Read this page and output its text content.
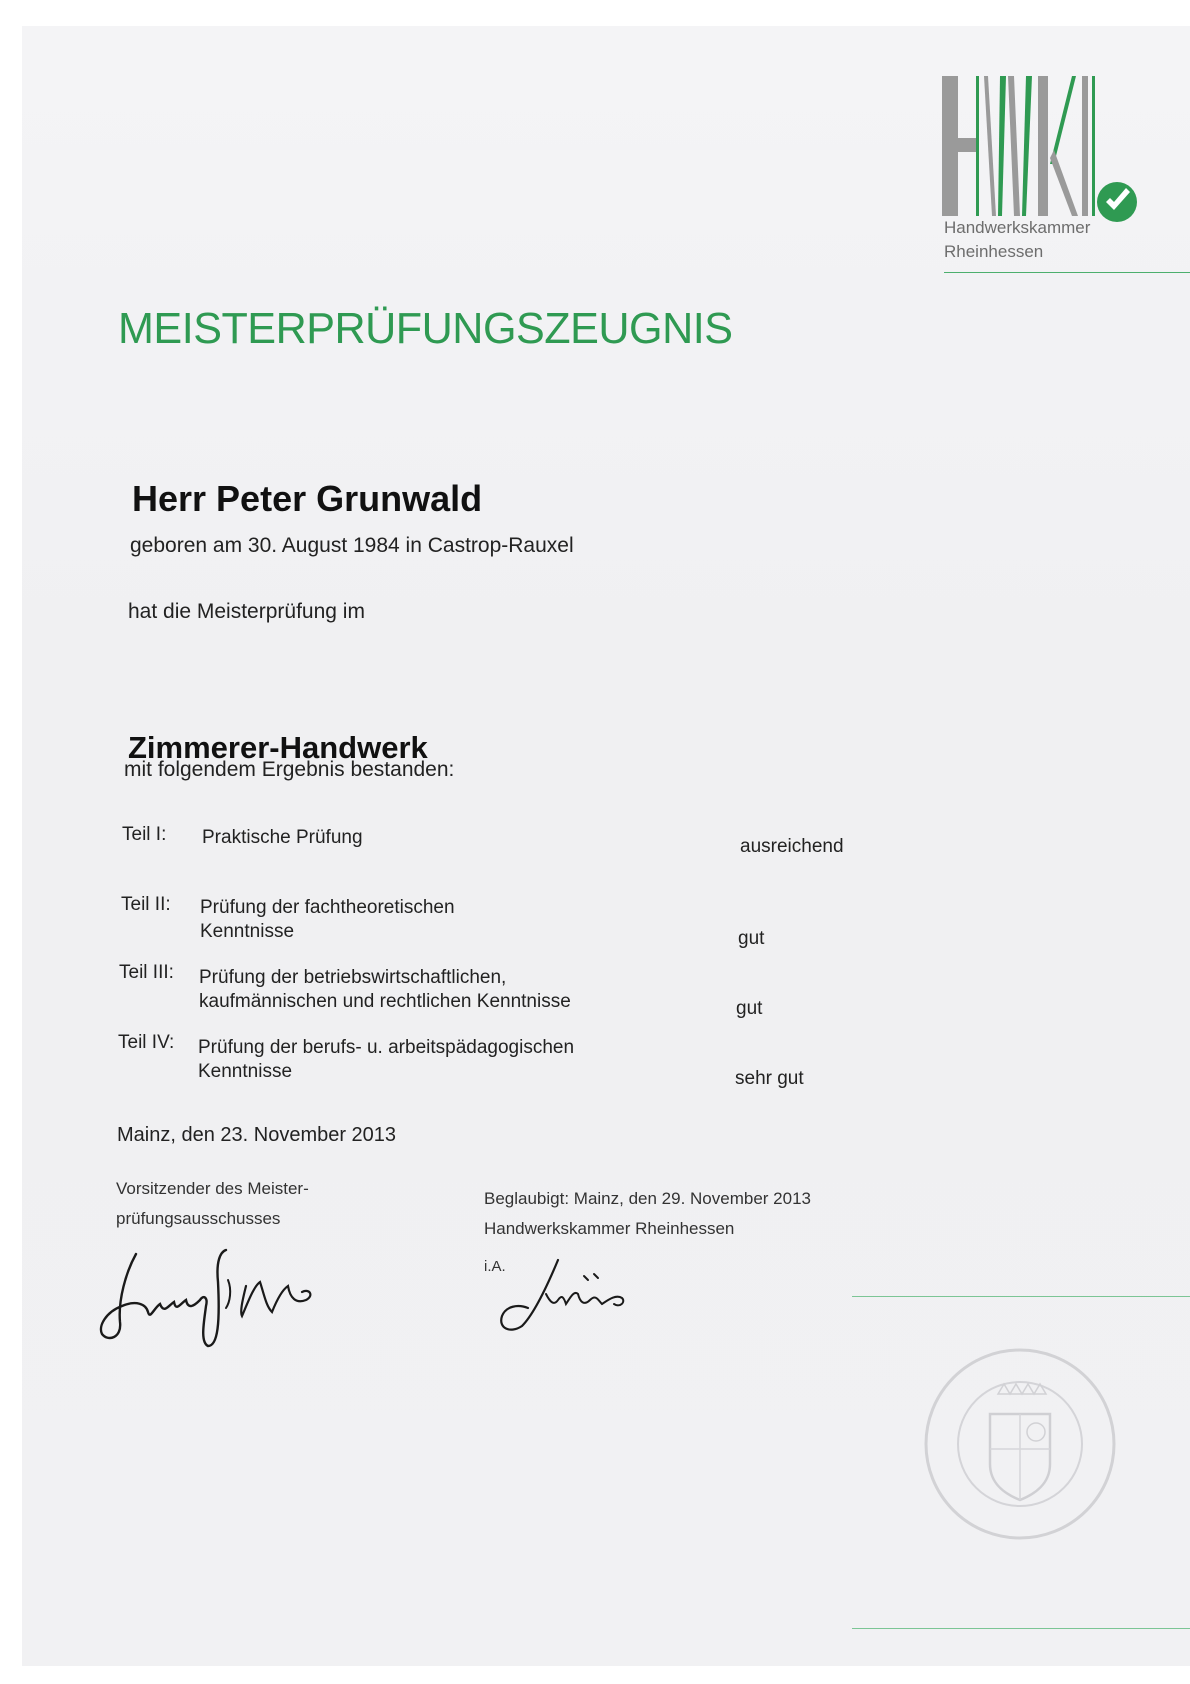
Handwerkskammer
Rheinhessen
MEISTERPRÜFUNGSZEUGNIS
Herr Peter Grunwald
geboren am 30. August 1984 in Castrop-Rauxel
hat die Meisterprüfung im
Zimmerer-Handwerk
mit folgendem Ergebnis bestanden:
Teil I: Praktische Prüfung	ausreichend
Teil II: Prüfung der fachtheoretischen
Kenntnisse	gut
Teil III: Prüfung der betriebswirtschaftlichen,
kaufmännischen und rechtlichen Kenntnisse	gut
Teil IV: Prüfung der berufs- u. arbeitspädagogischen
Kenntnisse	sehr gut
Mainz, den 23. November 2013
Vorsitzender des Meister-
prüfungsausschusses
Beglaubigt: Mainz, den 29. November 2013
Handwerkskammer Rheinhessen
i.A.
